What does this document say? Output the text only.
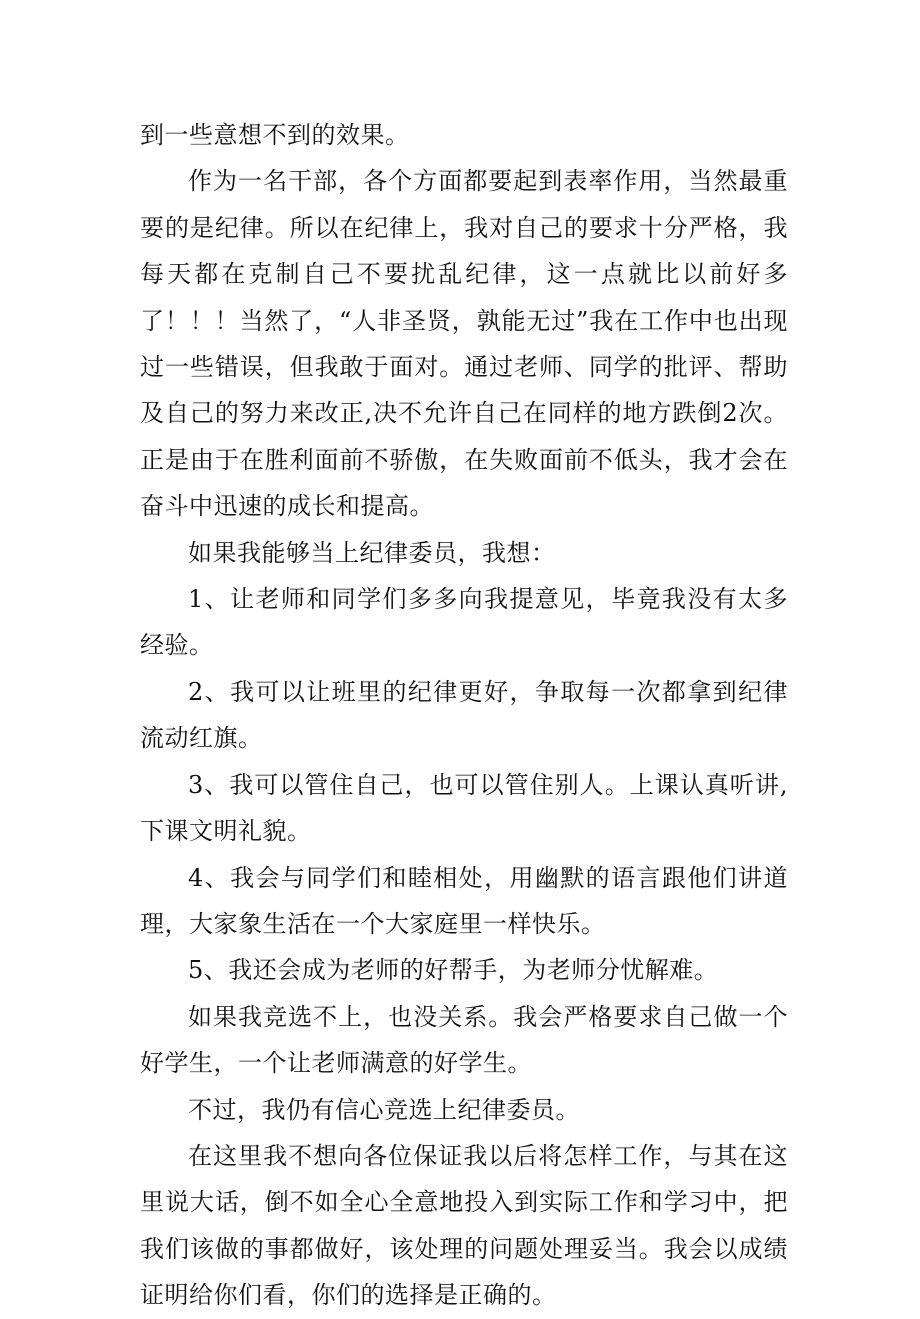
到一些意想不到的效果。

作为一名干部，各个方面都要起到表率作用，当然最重要的是纪律。所以在纪律上，我对自己的要求十分严格，我每天都在克制自己不要扰乱纪律，这一点就比以前好多了！！！当然了，“人非圣贤，孰能无过”我在工作中也出现过一些错误，但我敢于面对。通过老师、同学的批评、帮助及自己的努力来改正,决不允许自己在同样的地方跌倒2次。正是由于在胜利面前不骄傲，在失败面前不低头，我才会在奋斗中迅速的成长和提高。

如果我能够当上纪律委员，我想：

1、让老师和同学们多多向我提意见，毕竟我没有太多经验。

2、我可以让班里的纪律更好，争取每一次都拿到纪律流动红旗。

3、我可以管住自己，也可以管住别人。上课认真听讲,下课文明礼貌。

4、我会与同学们和睦相处，用幽默的语言跟他们讲道理，大家象生活在一个大家庭里一样快乐。

5、我还会成为老师的好帮手，为老师分忧解难。

如果我竞选不上，也没关系。我会严格要求自己做一个好学生，一个让老师满意的好学生。

不过，我仍有信心竞选上纪律委员。

在这里我不想向各位保证我以后将怎样工作，与其在这里说大话，倒不如全心全意地投入到实际工作和学习中，把我们该做的事都做好，该处理的问题处理妥当。我会以成绩证明给你们看，你们的选择是正确的。
